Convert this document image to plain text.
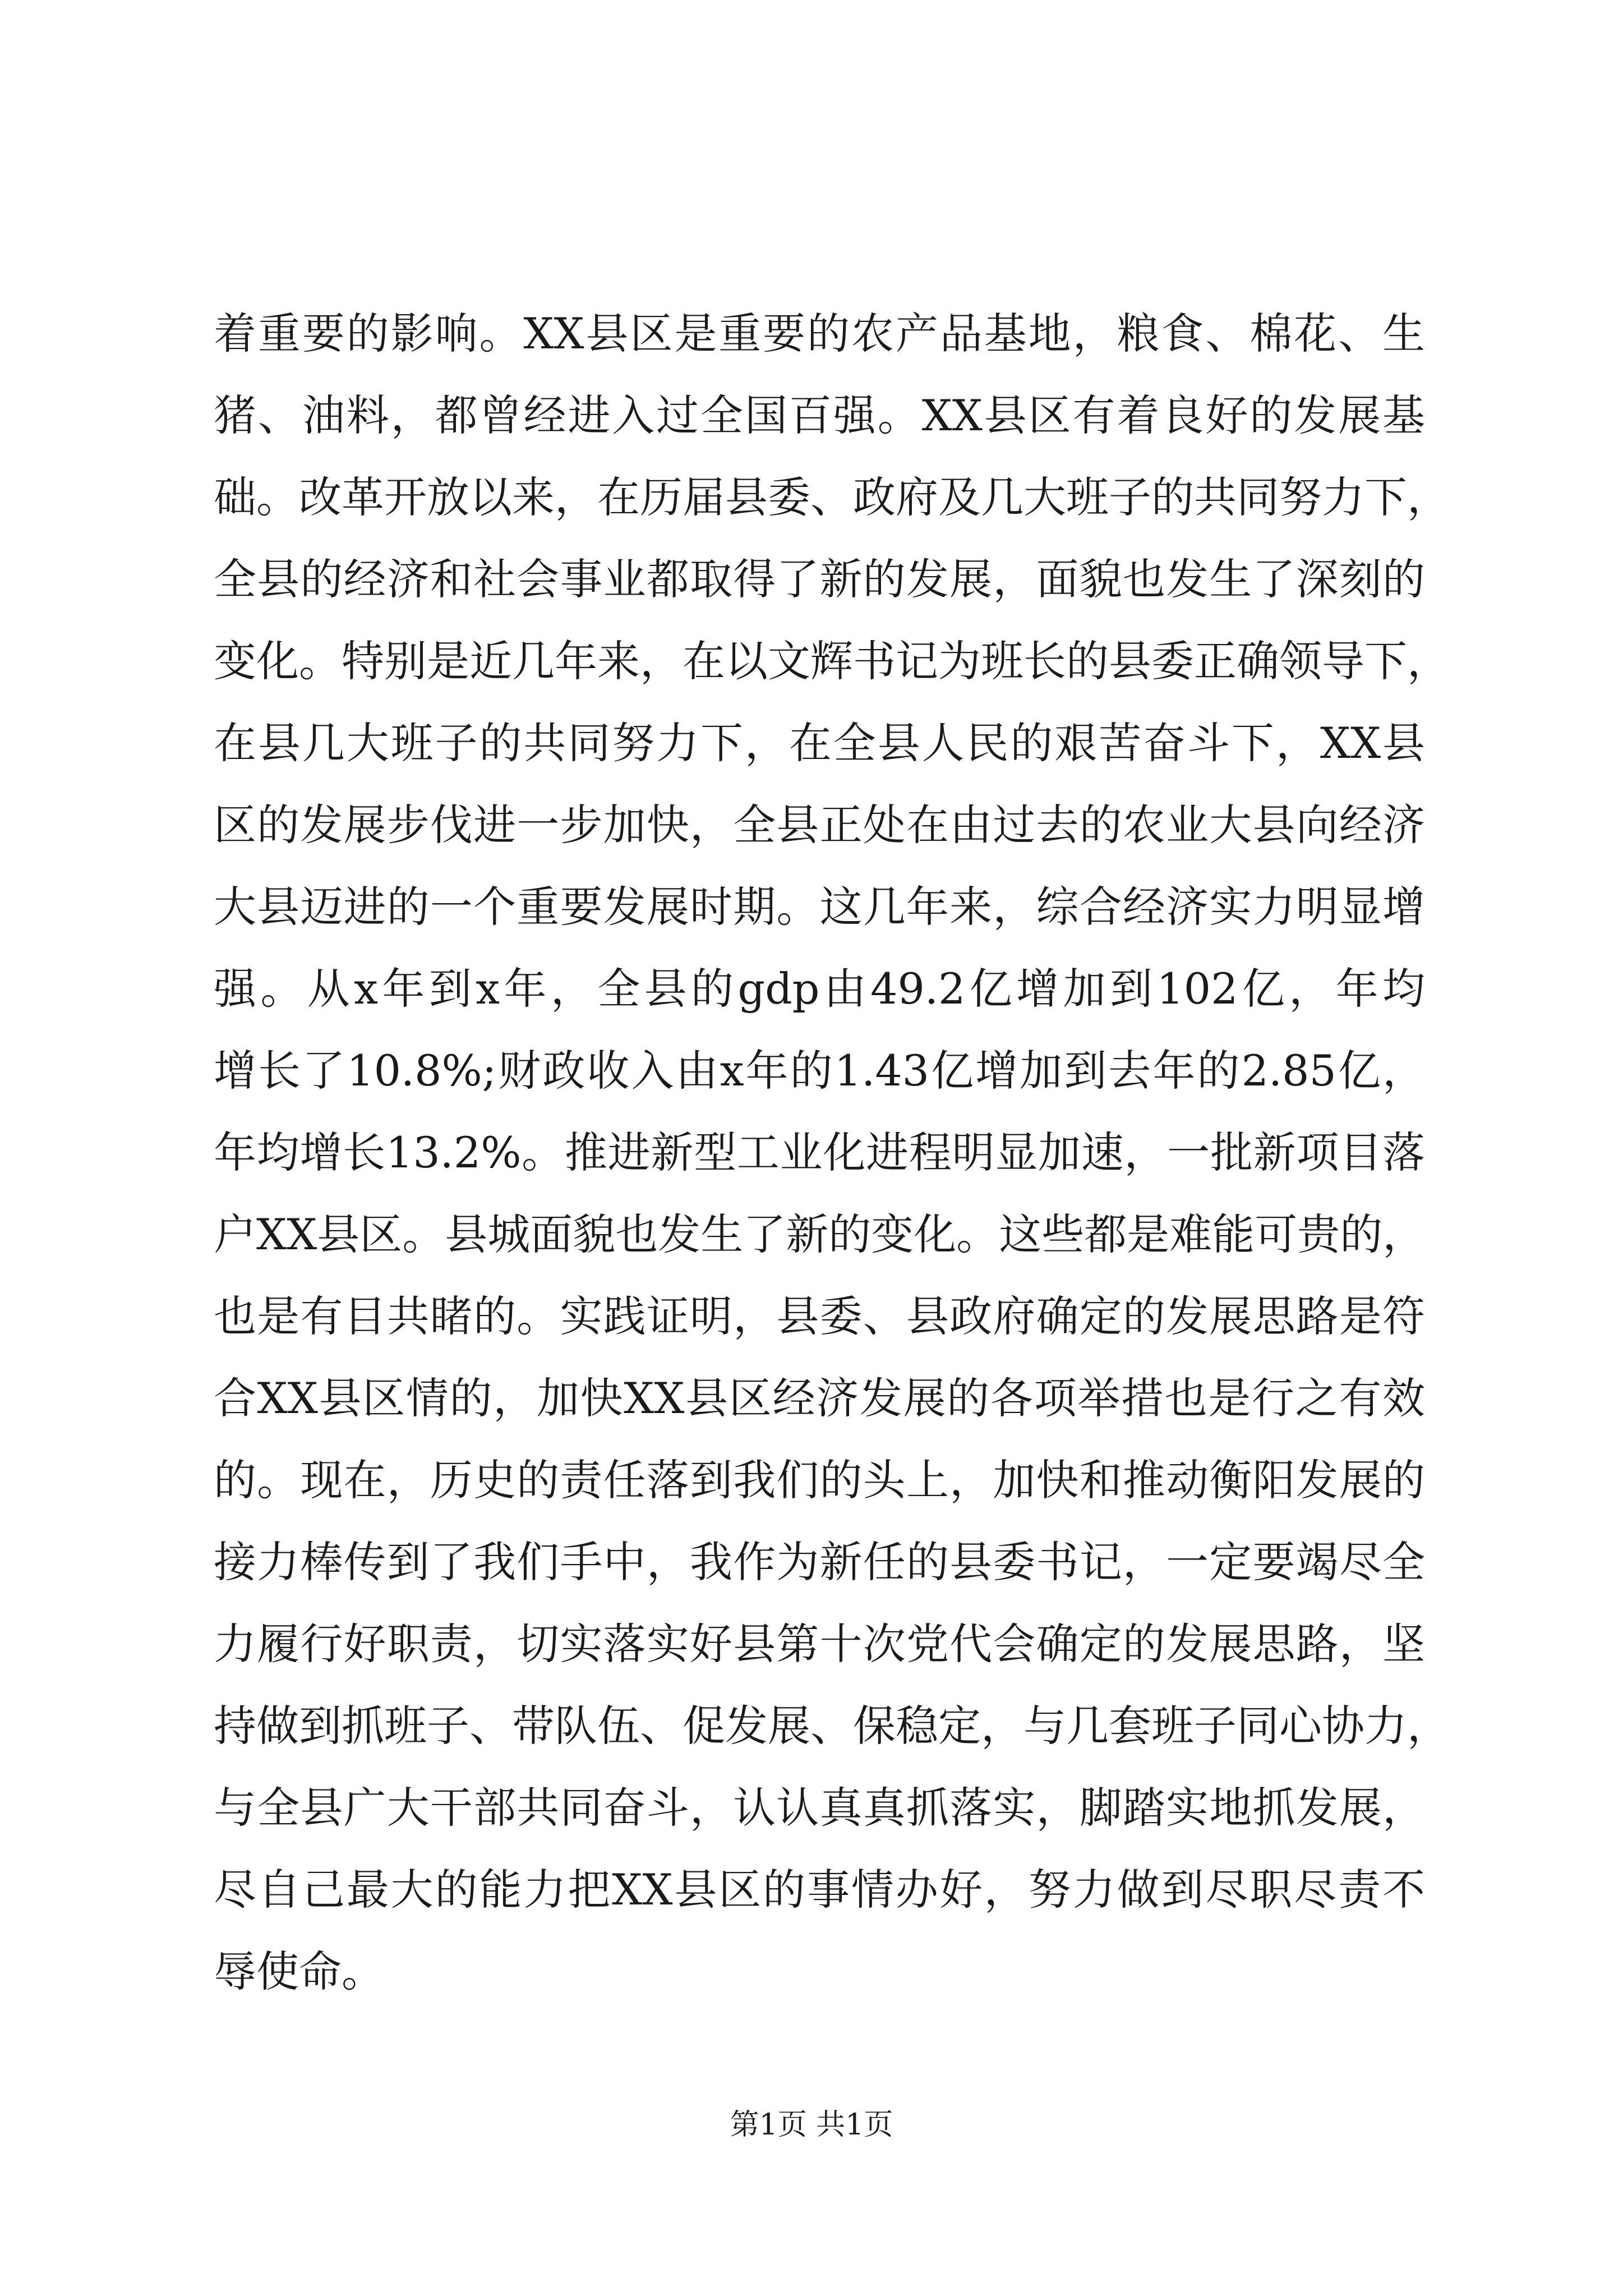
着重要的影响。XX县区是重要的农产品基地，粮食、棉花、生
猪、油料，都曾经进入过全国百强。XX县区有着良好的发展基
础。改革开放以来，在历届县委、政府及几大班子的共同努力下，
全县的经济和社会事业都取得了新的发展，面貌也发生了深刻的
变化。特别是近几年来，在以文辉书记为班长的县委正确领导下，
在县几大班子的共同努力下，在全县人民的艰苦奋斗下，XX县
区的发展步伐进一步加快，全县正处在由过去的农业大县向经济
大县迈进的一个重要发展时期。这几年来，综合经济实力明显增
强。从x年到x年，全县的gdp由49.2亿增加到102亿，年均
增长了10.8%;财政收入由x年的1.43亿增加到去年的2.85亿，
年均增长13.2%。推进新型工业化进程明显加速，一批新项目落
户XX县区。县城面貌也发生了新的变化。这些都是难能可贵的，
也是有目共睹的。实践证明，县委、县政府确定的发展思路是符
合XX县区情的，加快XX县区经济发展的各项举措也是行之有效
的。现在，历史的责任落到我们的头上，加快和推动衡阳发展的
接力棒传到了我们手中，我作为新任的县委书记，一定要竭尽全
力履行好职责，切实落实好县第十次党代会确定的发展思路，坚
持做到抓班子、带队伍、促发展、保稳定，与几套班子同心协力，
与全县广大干部共同奋斗，认认真真抓落实，脚踏实地抓发展，
尽自己最大的能力把XX县区的事情办好，努力做到尽职尽责不
辱使命。
第1页 共1页
